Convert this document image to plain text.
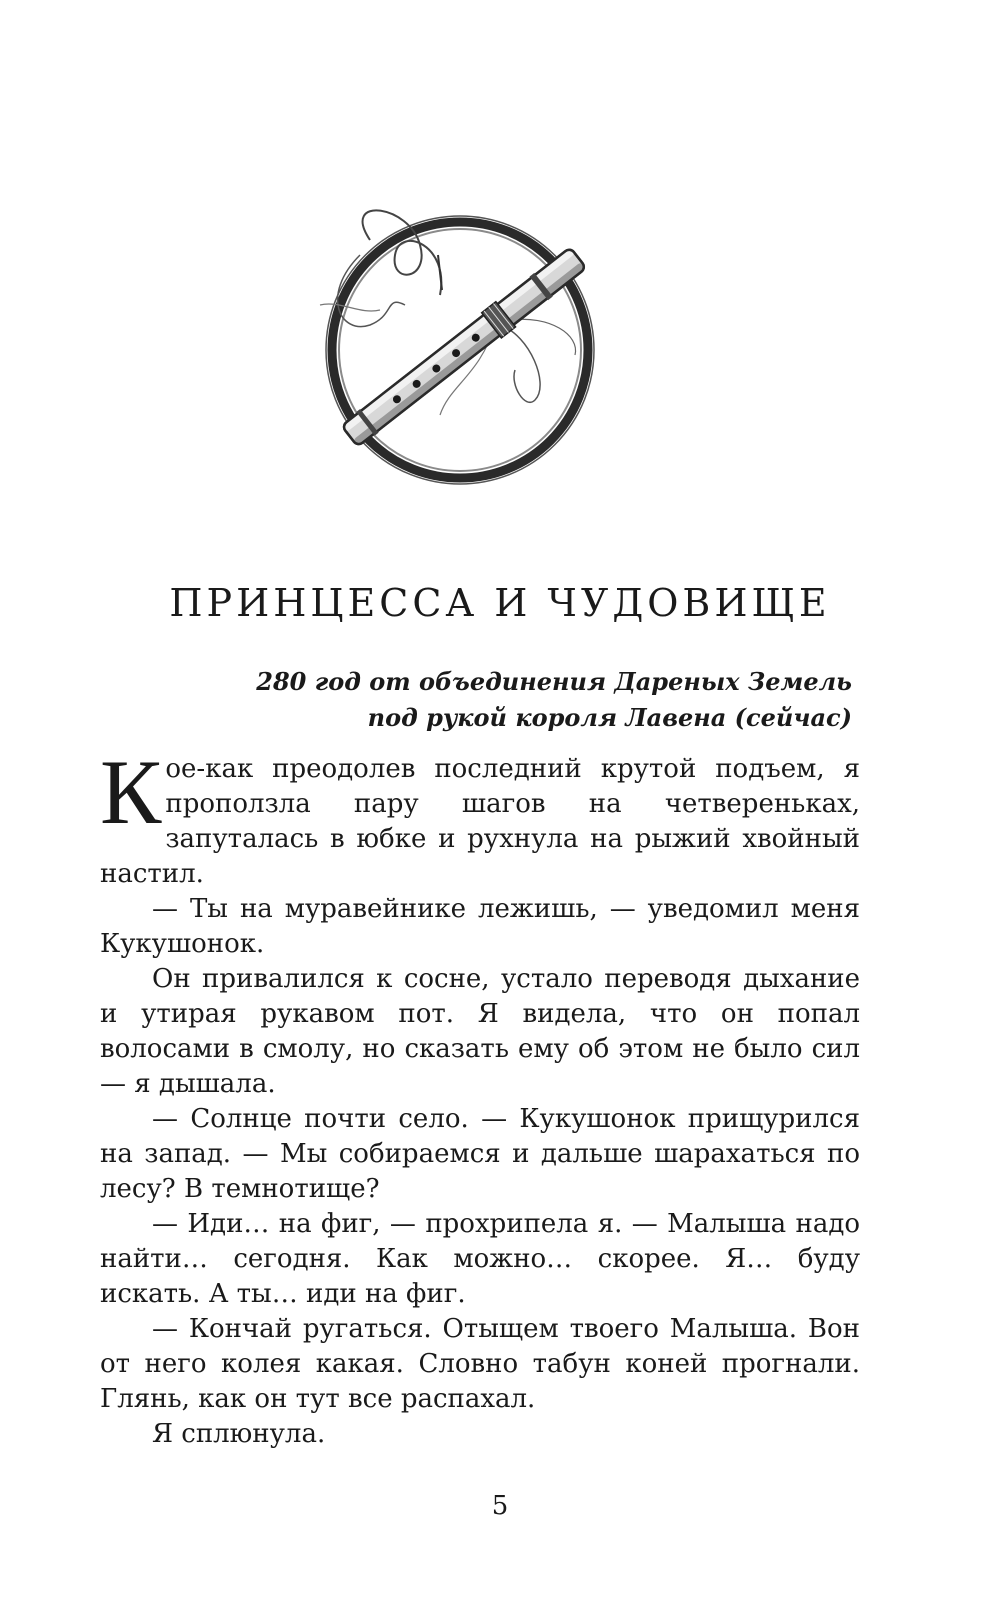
ПРИНЦЕССА И ЧУДОВИЩЕ
280 год от объединения Дареных Земель
под рукой короля Лавена (сейчас)

Кое-как преодолев последний крутой подъем, я проползла пару шагов на четвереньках, запуталась в юбке и рухнула на рыжий хвойный настил.

— Ты на муравейнике лежишь, — уведомил меня Кукушонок.

Он привалился к сосне, устало переводя дыхание и утирая рукавом пот. Я видела, что он попал волосами в смолу, но сказать ему об этом не было сил — я дышала.

— Солнце почти село. — Кукушонок прищурился на запад. — Мы собираемся и дальше шарахаться по лесу? В темнотище?

— Иди… на фиг, — прохрипела я. — Малыша надо найти… сегодня. Как можно… скорее. Я… буду искать. А ты… иди на фиг.

— Кончай ругаться. Отыщем твоего Малыша. Вон от него колея какая. Словно табун коней прогнали. Глянь, как он тут все распахал.

Я сплюнула.

5
